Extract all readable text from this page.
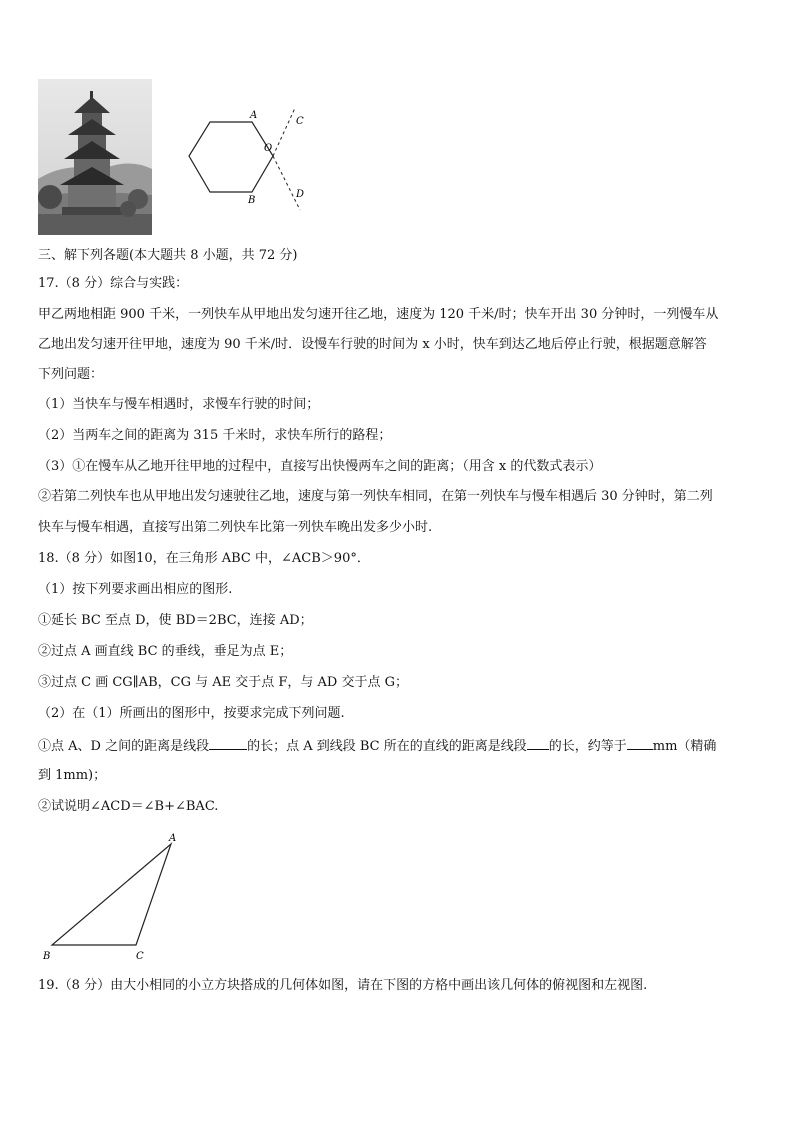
A
B
C
D
O
三、解下列各题(本大题共 8 小题，共 72 分)
17.（8 分）综合与实践：
甲乙两地相距 900 千米，一列快车从甲地出发匀速开往乙地，速度为 120 千米/时；快车开出 30 分钟时，一列慢车从
乙地出发匀速开往甲地，速度为 90 千米/时．设慢车行驶的时间为 x 小时，快车到达乙地后停止行驶，根据题意解答
下列问题：
（1）当快车与慢车相遇时，求慢车行驶的时间；
（2）当两车之间的距离为 315 千米时，求快车所行的路程；
（3）①在慢车从乙地开往甲地的过程中，直接写出快慢两车之间的距离；（用含 x 的代数式表示）
②若第二列快车也从甲地出发匀速驶往乙地，速度与第一列快车相同，在第一列快车与慢车相遇后 30 分钟时，第二列
快车与慢车相遇，直接写出第二列快车比第一列快车晚出发多少小时.
18.（8 分）如图10，在三角形 ABC 中，∠ACB＞90°．
（1）按下列要求画出相应的图形.
①延长 BC 至点 D，使 BD＝2BC，连接 AD；
②过点 A 画直线 BC 的垂线，垂足为点 E；
③过点 C 画 CG∥AB，CG 与 AE 交于点 F，与 AD 交于点 G；
（2）在（1）所画出的图形中，按要求完成下列问题.
①点 A、D 之间的距离是线段	的长；点 A 到线段 BC 所在的直线的距离是线段 的长，约等于 mm（精确
到 1mm)；
②试说明∠ACD＝∠B+∠BAC.
A
B	C
19.（8 分）由大小相同的小立方块搭成的几何体如图，请在下图的方格中画出该几何体的俯视图和左视图.
